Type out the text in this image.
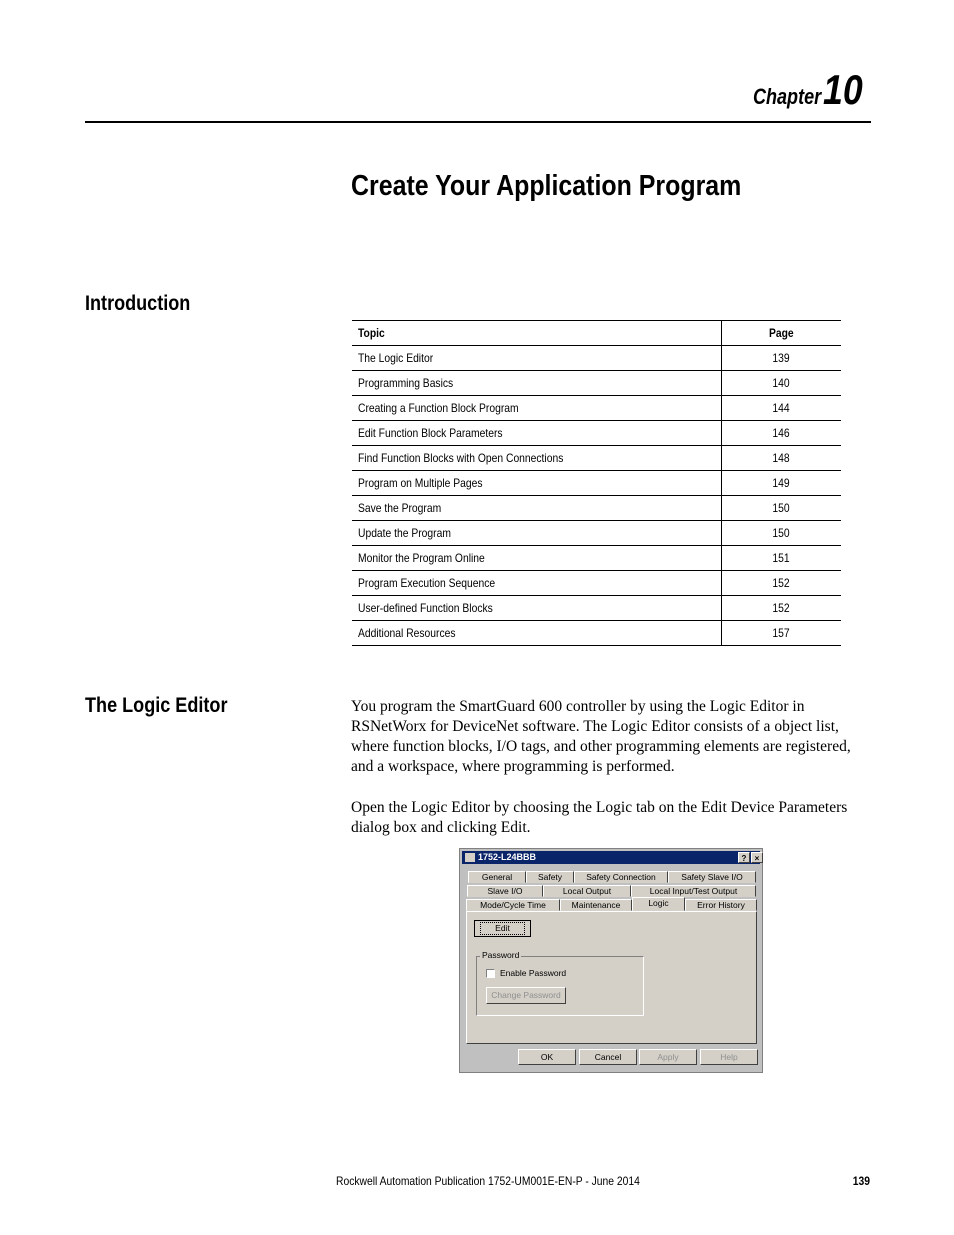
Chapter10
Create Your Application Program
Introduction
Topic	Page
The Logic Editor	139
Programming Basics	140
Creating a Function Block Program	144
Edit Function Block Parameters	146
Find Function Blocks with Open Connections	148
Program on Multiple Pages	149
Save the Program	150
Update the Program	150
Monitor the Program Online	151
Program Execution Sequence	152
User-defined Function Blocks	152
Additional Resources	157
The Logic Editor	You program the SmartGuard 600 controller by using the Logic Editor in RSNetWorx for DeviceNet software. The Logic Editor consists of a object list, where function blocks, I/O tags, and other programming elements are registered, and a workspace, where programming is performed.
Open the Logic Editor by choosing the Logic tab on the Edit Device Parameters dialog box and clicking Edit.
1752-L24BBB	?	×
General	Safety	Safety Connection	Safety Slave I/O
Slave I/O	Local Output	Local Input/Test Output
Mode/Cycle Time	Maintenance	Logic	Error History
Edit
Password
Enable Password
Change Password
OK	Cancel	Apply	Help
Rockwell Automation Publication 1752-UM001E-EN-P - June 2014	139
